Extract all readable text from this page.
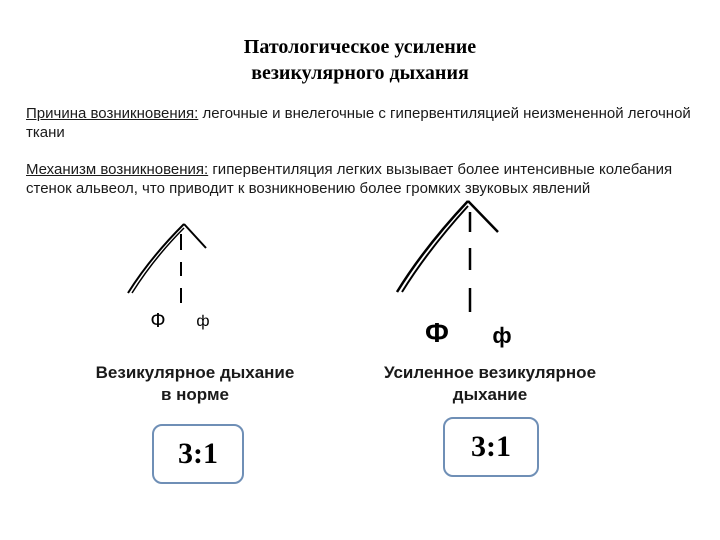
Патологическое усиление
везикулярного дыхания
Причина возникновения: легочные и внелегочные с гипервентиляцией неизмененной легочной ткани
Механизм возникновения: гипервентиляция легких вызывает более интенсивные колебания стенок альвеол, что приводит к возникновению более громких звуковых явлений
Ф ф	Ф ф
Везикулярное дыхание в норме
Усиленное везикулярное дыхание
3:1	3:1
